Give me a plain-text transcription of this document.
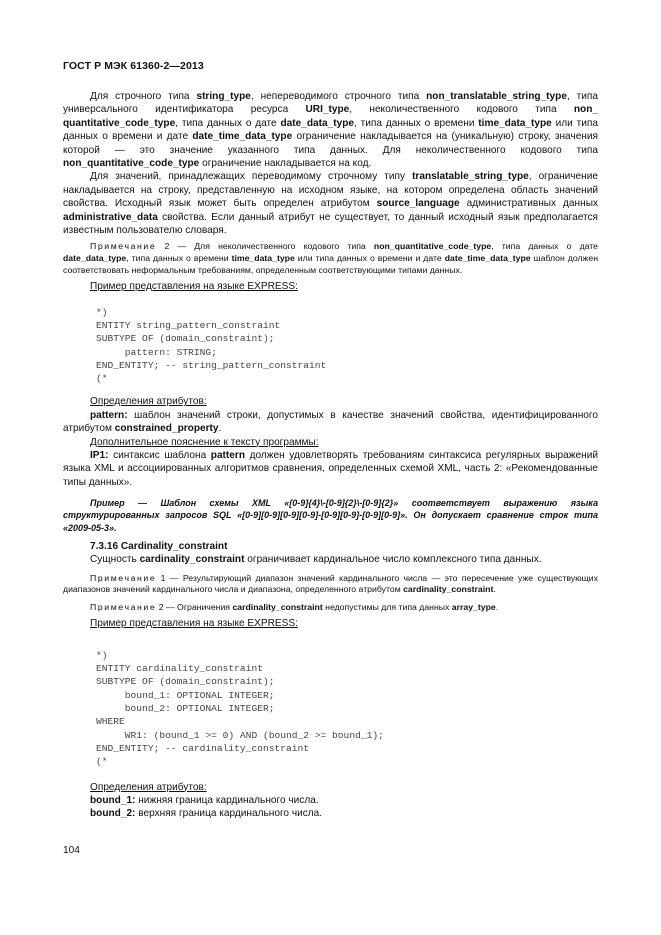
ГОСТ Р МЭК 61360-2—2013

Для строчного типа string_type, непереводимого строчного типа non_translatable_string_type, типа универсального идентификатора ресурса URI_type, неколичественного кодового типа non_ quantitative_code_type, типа данных о дате date_data_type, типа данных о времени time_data_type или типа данных о времени и дате date_time_data_type ограничение накладывается на (уникальную) строку, значения которой — это значение указанного типа данных. Для неколичественного кодового типа non_quantitative_code_type ограничение накладывается на код.

Для значений, принадлежащих переводимому строчному типу translatable_string_type, ограничение накладывается на строку, представленную на исходном языке, на котором определена область значений свойства. Исходный язык может быть определен атрибутом source_language административных данных administrative_data свойства. Если данный атрибут не существует, то данный исходный язык предполагается известным пользователю словаря.

Примечание 2 — Для неколичественного кодового типа non_quantitative_code_type, типа данных о дате date_data_type, типа данных о времени time_data_type или типа данных о времени и дате date_time_data_type шаблон должен соответствовать неформальным требованиям, определенным соответствующими типами данных.

Пример представления на языке EXPRESS:

*)
ENTITY string_pattern_constraint
SUBTYPE OF (domain_constraint);
pattern: STRING;
END_ENTITY; -- string_pattern_constraint
(*

Определения атрибутов:

pattern: шаблон значений строки, допустимых в качестве значений свойства, идентифицированного атрибутом constrained_property.

Дополнительное пояснение к тексту программы:

IP1: синтаксис шаблона pattern должен удовлетворять требованиям синтаксиса регулярных выражений языка XML и ассоциированных алгоритмов сравнения, определенных схемой XML, часть 2: «Рекомендованные типы данных».

Пример — Шаблон схемы XML «[0-9]{4}\-[0-9]{2}\-[0-9]{2}» соответствует выражению языка структурированных запросов SQL «[0-9][0-9][0-9][0-9]-[0-9][0-9]-[0-9][0-9]». Он допускает сравнение строк типа «2009-05-3».

7.3.16 Cardinality_constraint

Сущность cardinality_constraint ограничивает кардинальное число комплексного типа данных.

Примечание 1 — Результирующий диапазон значений кардинального числа — это пересечение уже существующих диапазонов значений кардинального числа и диапазона, определенного атрибутом cardinality_constraint.

Примечание 2 — Ограничения cardinality_constraint недопустимы для типа данных array_type.

Пример представления на языке EXPRESS:

*)
ENTITY cardinality_constraint
SUBTYPE OF (domain_constraint);
bound_1: OPTIONAL INTEGER;
bound_2: OPTIONAL INTEGER;
WHERE
WR1: (bound_1 >= 0) AND (bound_2 >= bound_1);
END_ENTITY; -- cardinality_constraint
(*

Определения атрибутов:

bound_1: нижняя граница кардинального числа.

bound_2: верхняя граница кардинального числа.

104
